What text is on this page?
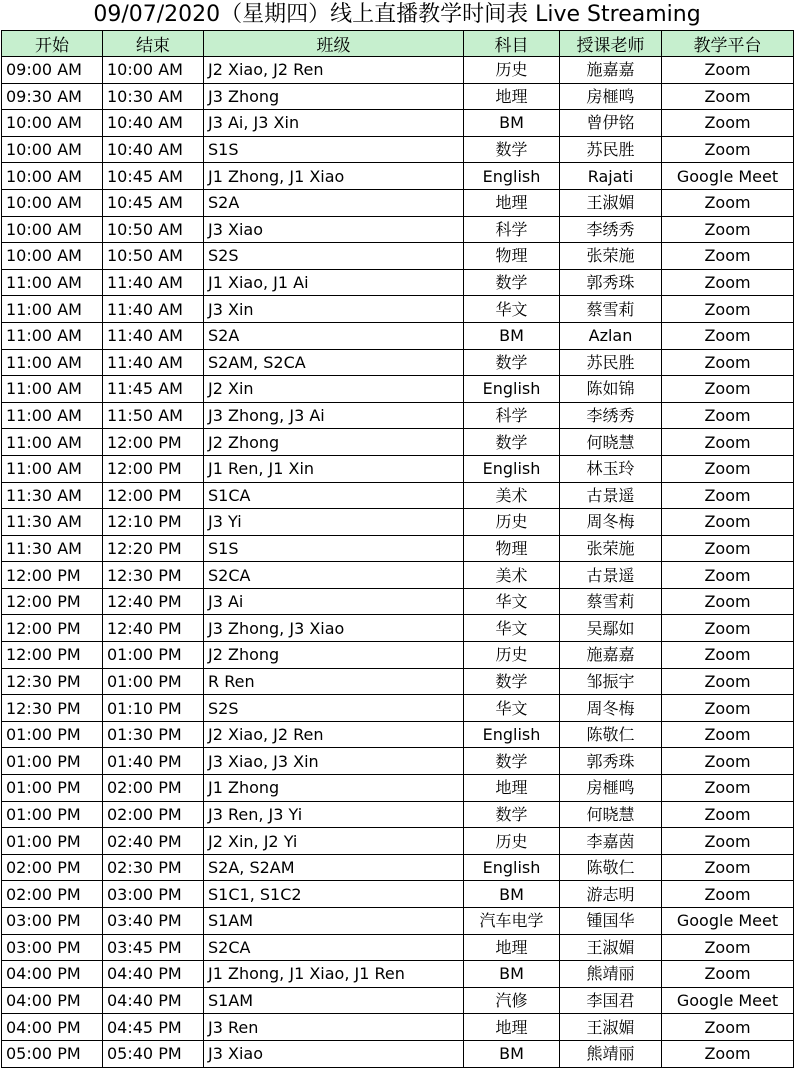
09/07/2020（星期四）线上直播教学时间表 Live Streaming
开始	结束	班级	科目	授课老师	教学平台
09:00 AM	10:00 AM	J2 Xiao, J2 Ren	历史	施嘉嘉	Zoom
09:30 AM	10:30 AM	J3 Zhong	地理	房榧鸣	Zoom
10:00 AM	10:40 AM	J3 Ai, J3 Xin	BM	曾伊铭	Zoom
10:00 AM	10:40 AM	S1S	数学	苏民胜	Zoom
10:00 AM	10:45 AM	J1 Zhong, J1 Xiao	English	Rajati	Google Meet
10:00 AM	10:45 AM	S2A	地理	王淑媚	Zoom
10:00 AM	10:50 AM	J3 Xiao	科学	李绣秀	Zoom
10:00 AM	10:50 AM	S2S	物理	张荣施	Zoom
11:00 AM	11:40 AM	J1 Xiao, J1 Ai	数学	郭秀珠	Zoom
11:00 AM	11:40 AM	J3 Xin	华文	蔡雪莉	Zoom
11:00 AM	11:40 AM	S2A	BM	Azlan	Zoom
11:00 AM	11:40 AM	S2AM, S2CA	数学	苏民胜	Zoom
11:00 AM	11:45 AM	J2 Xin	English	陈如锦	Zoom
11:00 AM	11:50 AM	J3 Zhong, J3 Ai	科学	李绣秀	Zoom
11:00 AM	12:00 PM	J2 Zhong	数学	何晓慧	Zoom
11:00 AM	12:00 PM	J1 Ren, J1 Xin	English	林玉玲	Zoom
11:30 AM	12:00 PM	S1CA	美术	古景遥	Zoom
11:30 AM	12:10 PM	J3 Yi	历史	周冬梅	Zoom
11:30 AM	12:20 PM	S1S	物理	张荣施	Zoom
12:00 PM	12:30 PM	S2CA	美术	古景遥	Zoom
12:00 PM	12:40 PM	J3 Ai	华文	蔡雪莉	Zoom
12:00 PM	12:40 PM	J3 Zhong, J3 Xiao	华文	吴鄢如	Zoom
12:00 PM	01:00 PM	J2 Zhong	历史	施嘉嘉	Zoom
12:30 PM	01:00 PM	R Ren	数学	邹振宇	Zoom
12:30 PM	01:10 PM	S2S	华文	周冬梅	Zoom
01:00 PM	01:30 PM	J2 Xiao, J2 Ren	English	陈敬仁	Zoom
01:00 PM	01:40 PM	J3 Xiao, J3 Xin	数学	郭秀珠	Zoom
01:00 PM	02:00 PM	J1 Zhong	地理	房榧鸣	Zoom
01:00 PM	02:00 PM	J3 Ren, J3 Yi	数学	何晓慧	Zoom
01:00 PM	02:40 PM	J2 Xin, J2 Yi	历史	李嘉茵	Zoom
02:00 PM	02:30 PM	S2A, S2AM	English	陈敬仁	Zoom
02:00 PM	03:00 PM	S1C1, S1C2	BM	游志明	Zoom
03:00 PM	03:40 PM	S1AM	汽车电学	锺国华	Google Meet
03:00 PM	03:45 PM	S2CA	地理	王淑媚	Zoom
04:00 PM	04:40 PM	J1 Zhong, J1 Xiao, J1 Ren	BM	熊靖丽	Zoom
04:00 PM	04:40 PM	S1AM	汽修	李国君	Google Meet
04:00 PM	04:45 PM	J3 Ren	地理	王淑媚	Zoom
05:00 PM	05:40 PM	J3 Xiao	BM	熊靖丽	Zoom
